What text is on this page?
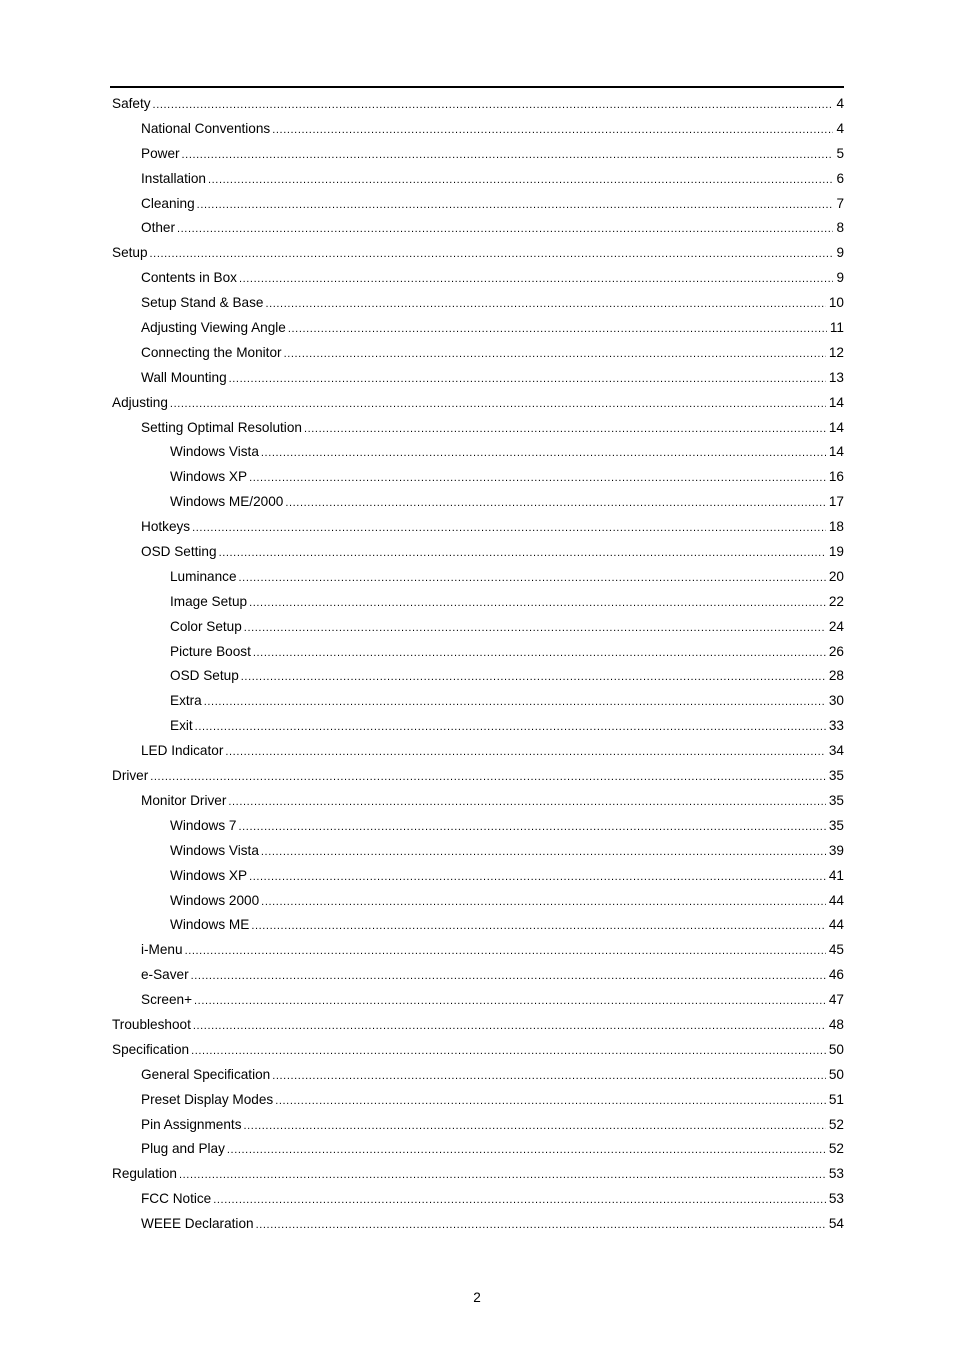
Safety .....	4
National Conventions .....	4
Power .....	5
Installation .....	6
Cleaning .....	7
Other .....	8
Setup .....	9
Contents in Box .....	9
Setup Stand & Base .....	10
Adjusting Viewing Angle .....	11
Connecting the Monitor .....	12
Wall Mounting .....	13
Adjusting .....	14
Setting Optimal Resolution .....	14
Windows Vista .....	14
Windows XP .....	16
Windows ME/2000 .....	17
Hotkeys .....	18
OSD Setting .....	19
Luminance .....	20
Image Setup .....	22
Color Setup .....	24
Picture Boost .....	26
OSD Setup .....	28
Extra .....	30
Exit .....	33
LED Indicator .....	34
Driver .....	35
Monitor Driver .....	35
Windows 7 .....	35
Windows Vista .....	39
Windows XP .....	41
Windows 2000 .....	44
Windows ME .....	44
i-Menu .....	45
e-Saver .....	46
Screen+ .....	47
Troubleshoot .....	48
Specification .....	50
General Specification .....	50
Preset Display Modes .....	51
Pin Assignments .....	52
Plug and Play .....	52
Regulation .....	53
FCC Notice .....	53
WEEE Declaration .....	54
2
